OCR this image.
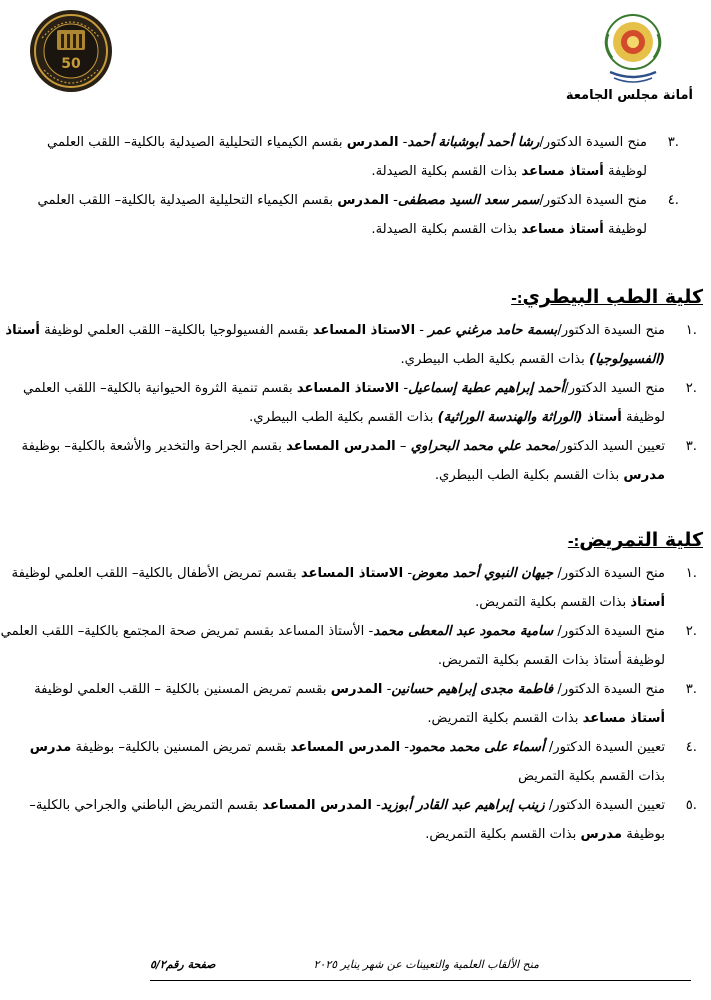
50
أمانة مجلس الجامعة

.٣
منح السيدة الدكتور/رشا أحمد أبوشبانة أحمد- المدرس بقسم الكيمياء التحليلية الصيدلية بالكلية– اللقب العلمي لوظيفة أستاذ مساعد بذات القسم بكلية الصيدلة.

.٤
منح السيدة الدكتور/سمر سعد السيد مصطفى- المدرس بقسم الكيمياء التحليلية الصيدلية بالكلية– اللقب العلمي لوظيفة أستاذ مساعد بذات القسم بكلية الصيدلة.

كلية الطب البيطري:-

.١
منح السيدة الدكتور/بسمة حامد مرغني عمر - الاستاذ المساعد بقسم الفسيولوجيا بالكلية– اللقب العلمي لوظيفة أستاذ (الفسيولوجيا) بذات القسم بكلية الطب البيطري.

.٢
منح السيد الدكتور/أحمد إبراهيم عطية إسماعيل- الاستاذ المساعد بقسم تنمية الثروة الحيوانية بالكلية– اللقب العلمي لوظيفة أستاذ (الوراثة والهندسة الوراثية) بذات القسم بكلية الطب البيطري.

.٣
تعيين السيد الدكتور/محمد علي محمد البحراوي – المدرس المساعد بقسم الجراحة والتخدير والأشعة بالكلية– بوظيفة مدرس بذات القسم بكلية الطب البيطري.

كلية التمريض:-

.١
منح السيدة الدكتور/ جيهان النبوي أحمد معوض- الاستاذ المساعد بقسم تمريض الأطفال بالكلية– اللقب العلمي لوظيفة أستاذ بذات القسم بكلية التمريض.

.٢
منح السيدة الدكتور/ سامية محمود عبد المعطى محمد- الأستاذ المساعد بقسم تمريض صحة المجتمع بالكلية– اللقب العلمي لوظيفة أستاذ بذات القسم بكلية التمريض.

.٣
منح السيدة الدكتور/ فاطمة مجدى إبراهيم حسانين- المدرس بقسم تمريض المسنين بالكلية – اللقب العلمي لوظيفة أستاذ مساعد بذات القسم بكلية التمريض.

.٤
تعيين السيدة الدكتور/ أسماء على محمد محمود- المدرس المساعد بقسم تمريض المسنين بالكلية– بوظيفة مدرس بذات القسم بكلية التمريض

.٥
تعيين السيدة الدكتور/ زينب إبراهيم عبد القادر أبوزيد- المدرس المساعد بقسم التمريض الباطني والجراحي بالكلية– بوظيفة مدرس بذات القسم بكلية التمريض.

منح الألقاب العلمية والتعيينات عن شهر يناير ٢٠٢٥
صفحة رقم٥/٢
